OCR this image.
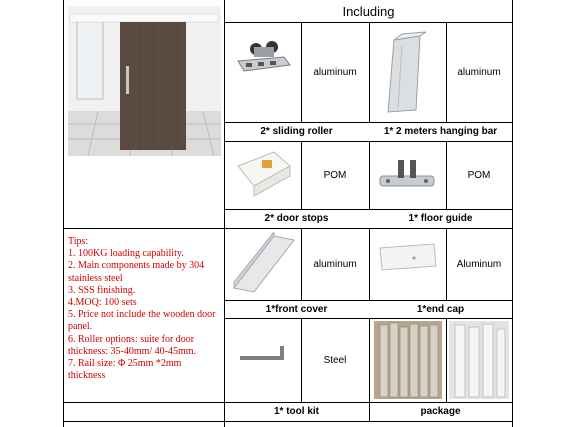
Including
aluminum
2* sliding roller
aluminum
1* 2 meters hanging bar
POM
2* door stops
POM
1* floor guide
aluminum
1*front cover
Aluminum
1*end cap
Steel
1* tool kit	package
Tips:
1. 100KG loading capability.
2. Main components made by 304 stainless steel
3. SSS finishing.
4.MOQ: 100 sets
5. Price not include the wooden door panel.
6. Roller options: suite for door thickness: 35-40mm/ 40-45mm.
7. Rail size: Φ 25mm *2mm thickness
